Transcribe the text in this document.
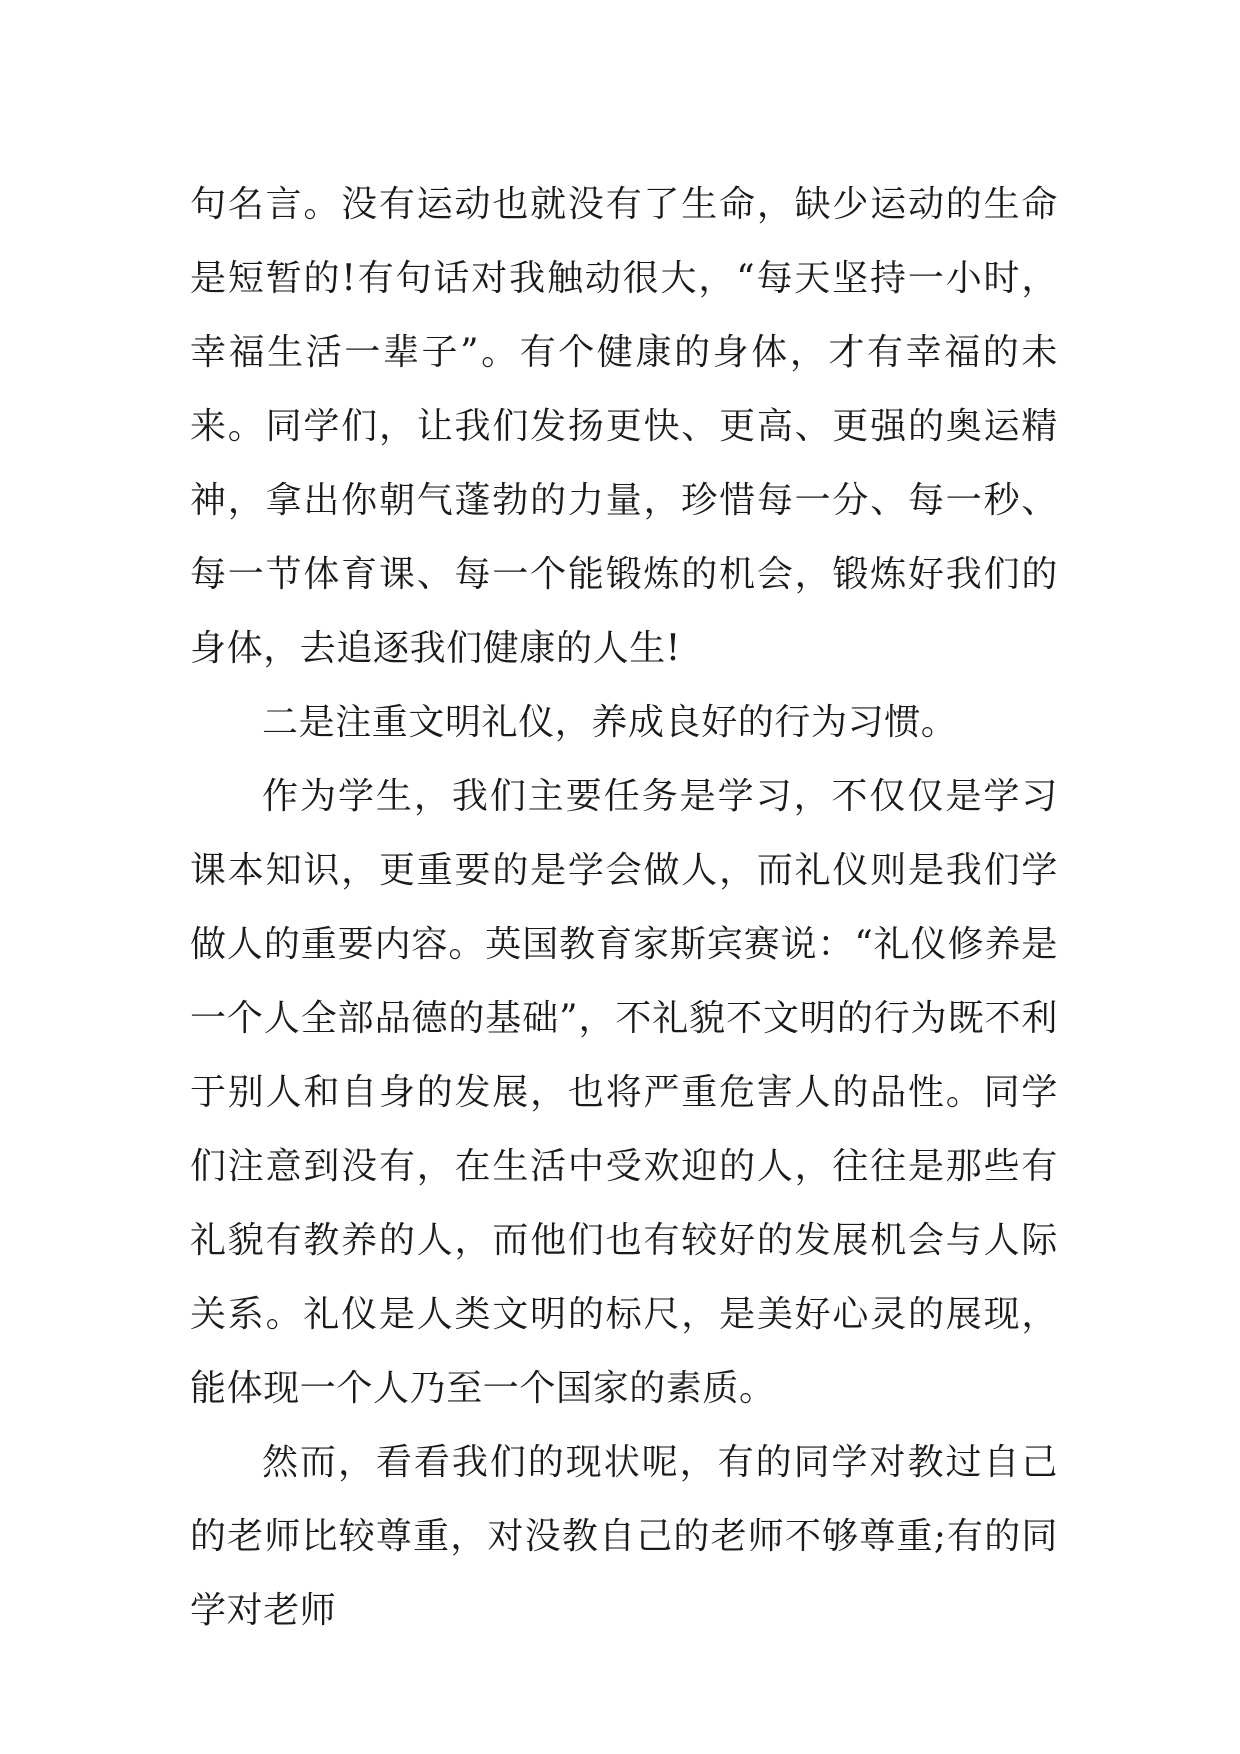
句名言。没有运动也就没有了生命，缺少运动的生命是短暂的!有句话对我触动很大，“每天坚持一小时，幸福生活一辈子”。有个健康的身体，才有幸福的未来。同学们，让我们发扬更快、更高、更强的奥运精神，拿出你朝气蓬勃的力量，珍惜每一分、每一秒、每一节体育课、每一个能锻炼的机会，锻炼好我们的身体，去追逐我们健康的人生!

二是注重文明礼仪，养成良好的行为习惯。

作为学生，我们主要任务是学习，不仅仅是学习课本知识，更重要的是学会做人，而礼仪则是我们学做人的重要内容。英国教育家斯宾赛说：“礼仪修养是一个人全部品德的基础”，不礼貌不文明的行为既不利于别人和自身的发展，也将严重危害人的品性。同学们注意到没有，在生活中受欢迎的人，往往是那些有礼貌有教养的人，而他们也有较好的发展机会与人际关系。礼仪是人类文明的标尺，是美好心灵的展现，能体现一个人乃至一个国家的素质。

然而，看看我们的现状呢，有的同学对教过自己的老师比较尊重，对没教自己的老师不够尊重;有的同学对老师
